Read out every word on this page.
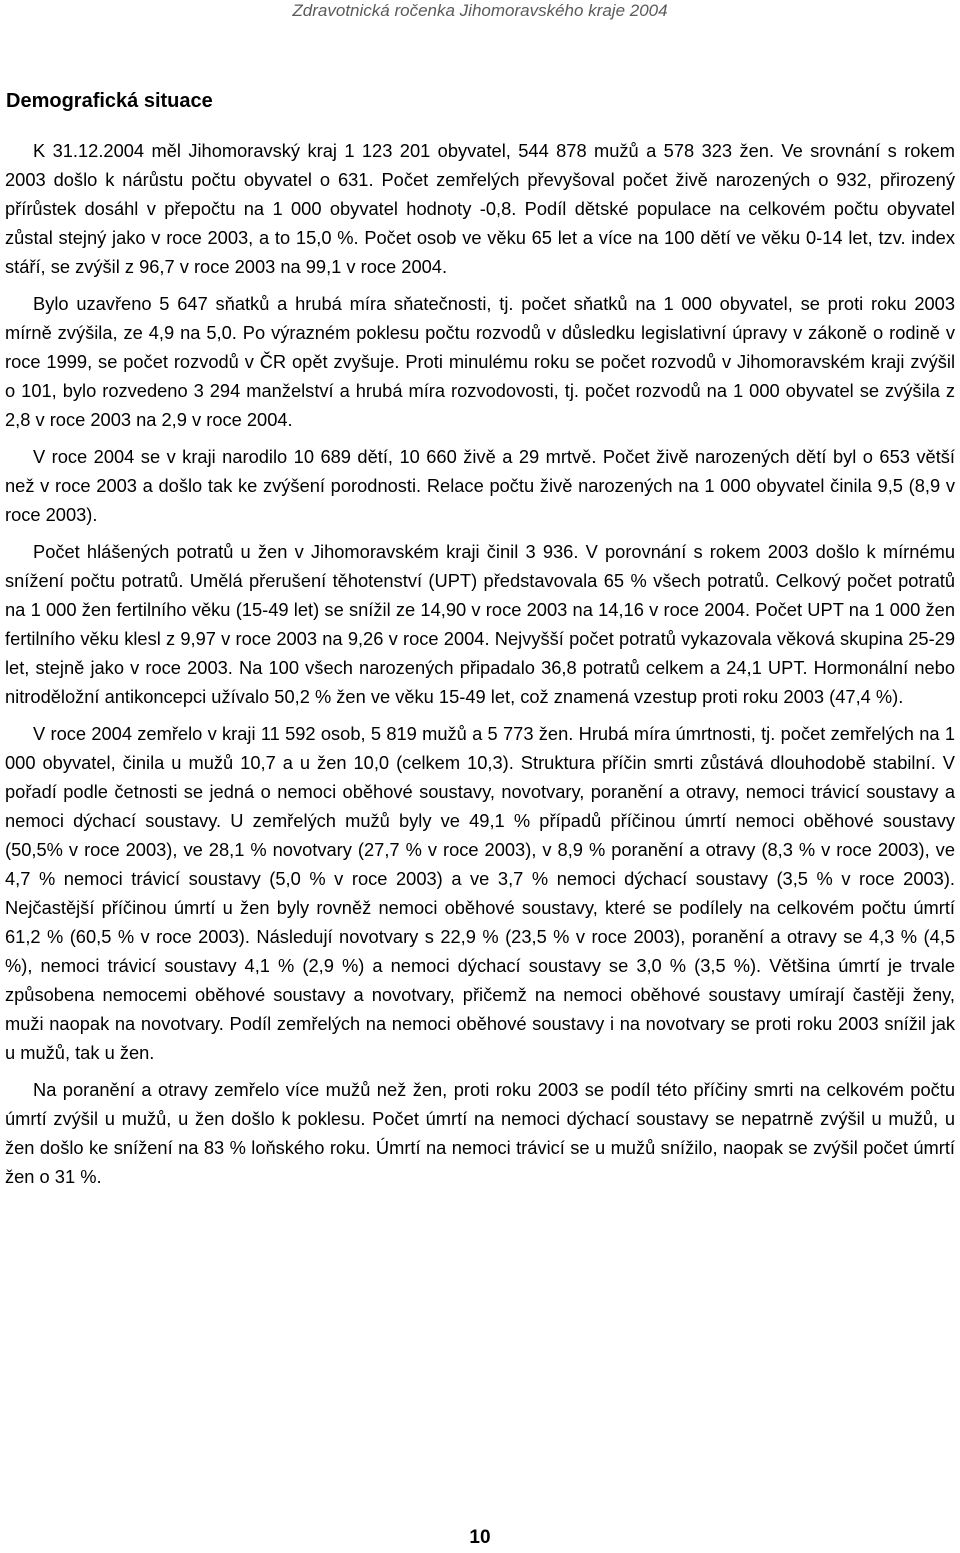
Zdravotnická ročenka Jihomoravského kraje 2004
Demografická situace

K 31.12.2004 měl Jihomoravský kraj 1 123 201 obyvatel, 544 878 mužů a 578 323 žen. Ve srovnání s rokem 2003 došlo k nárůstu počtu obyvatel o 631. Počet zemřelých převyšoval počet živě narozených o 932, přirozený přírůstek dosáhl v přepočtu na 1 000 obyvatel hodnoty -0,8. Podíl dětské populace na celkovém počtu obyvatel zůstal stejný jako v roce 2003, a to 15,0 %. Počet osob ve věku 65 let a více na 100 dětí ve věku 0-14 let, tzv. index stáří, se zvýšil z 96,7 v roce 2003 na 99,1 v roce 2004.

Bylo uzavřeno 5 647 sňatků a hrubá míra sňatečnosti, tj. počet sňatků na 1 000 obyvatel, se proti roku 2003 mírně zvýšila, ze 4,9 na 5,0. Po výrazném poklesu počtu rozvodů v důsledku legislativní úpravy v zákoně o rodině v roce 1999, se počet rozvodů v ČR opět zvyšuje. Proti minulému roku se počet rozvodů v Jihomoravském kraji zvýšil o 101, bylo rozvedeno 3 294 manželství a hrubá míra rozvodovosti, tj. počet rozvodů na 1 000 obyvatel se zvýšila z 2,8 v roce 2003 na 2,9 v roce 2004.

V roce 2004 se v kraji narodilo 10 689 dětí, 10 660 živě a 29 mrtvě. Počet živě narozených dětí byl o 653 větší než v roce 2003 a došlo tak ke zvýšení porodnosti. Relace počtu živě narozených na 1 000 obyvatel činila 9,5 (8,9 v roce 2003).

Počet hlášených potratů u žen v Jihomoravském kraji činil 3 936. V porovnání s rokem 2003 došlo k mírnému snížení počtu potratů. Umělá přerušení těhotenství (UPT) představovala 65 % všech potratů. Celkový počet potratů na 1 000 žen fertilního věku (15-49 let) se snížil ze 14,90 v roce 2003 na 14,16 v roce 2004. Počet UPT na 1 000 žen fertilního věku klesl z 9,97 v roce 2003 na 9,26 v roce 2004. Nejvyšší počet potratů vykazovala věková skupina 25-29 let, stejně jako v roce 2003. Na 100 všech narozených připadalo 36,8 potratů celkem a 24,1 UPT. Hormonální nebo nitroděložní antikoncepci užívalo 50,2 % žen ve věku 15-49 let, což znamená vzestup proti roku 2003 (47,4 %).

V roce 2004 zemřelo v kraji 11 592 osob, 5 819 mužů a 5 773 žen. Hrubá míra úmrtnosti, tj. počet zemřelých na 1 000 obyvatel, činila u mužů 10,7 a u žen 10,0 (celkem 10,3). Struktura příčin smrti zůstává dlouhodobě stabilní. V pořadí podle četnosti se jedná o nemoci oběhové soustavy, novotvary, poranění a otravy, nemoci trávicí soustavy a nemoci dýchací soustavy. U zemřelých mužů byly ve 49,1 % případů příčinou úmrtí nemoci oběhové soustavy (50,5% v roce 2003), ve 28,1 % novotvary (27,7 % v roce 2003), v 8,9 % poranění a otravy (8,3 % v roce 2003), ve 4,7 % nemoci trávicí soustavy (5,0 % v roce 2003) a ve 3,7 % nemoci dýchací soustavy (3,5 % v roce 2003). Nejčastější příčinou úmrtí u žen byly rovněž nemoci oběhové soustavy, které se podílely na celkovém počtu úmrtí 61,2 % (60,5 % v roce 2003). Následují novotvary s 22,9 % (23,5 % v roce 2003), poranění a otravy se 4,3 % (4,5 %), nemoci trávicí soustavy 4,1 % (2,9 %) a nemoci dýchací soustavy se 3,0 % (3,5 %). Většina úmrtí je trvale způsobena nemocemi oběhové soustavy a novotvary, přičemž na nemoci oběhové soustavy umírají častěji ženy, muži naopak na novotvary. Podíl zemřelých na nemoci oběhové soustavy i na novotvary se proti roku 2003 snížil jak u mužů, tak u žen.

Na poranění a otravy zemřelo více mužů než žen, proti roku 2003 se podíl této příčiny smrti na celkovém počtu úmrtí zvýšil u mužů, u žen došlo k poklesu. Počet úmrtí na nemoci dýchací soustavy se nepatrně zvýšil u mužů, u žen došlo ke snížení na 83 % loňského roku. Úmrtí na nemoci trávicí se u mužů snížilo, naopak se zvýšil počet úmrtí žen o 31 %.

10
